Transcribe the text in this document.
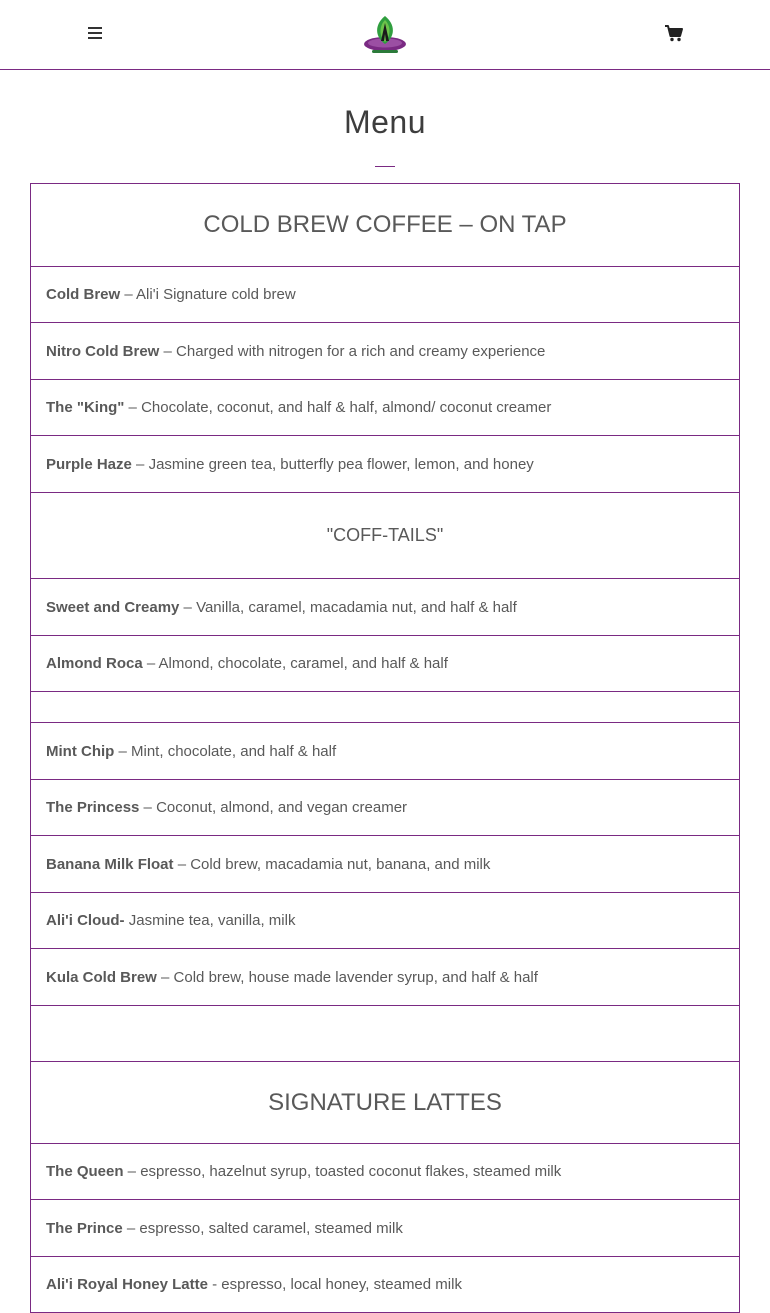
Menu
COLD BREW COFFEE – ON TAP
Cold Brew – Ali'i Signature cold brew
Nitro Cold Brew – Charged with nitrogen for a rich and creamy experience
The "King" – Chocolate, coconut, and half & half, almond/ coconut creamer
Purple Haze – Jasmine green tea, butterfly pea flower, lemon, and honey
"COFF-TAILS"
Sweet and Creamy – Vanilla, caramel, macadamia nut, and half & half
Almond Roca – Almond, chocolate, caramel, and half & half

Mint Chip – Mint, chocolate, and half & half
The Princess – Coconut, almond, and vegan creamer
Banana Milk Float – Cold brew, macadamia nut, banana, and milk
Ali'i Cloud- Jasmine tea, vanilla, milk
Kula Cold Brew – Cold brew, house made lavender syrup, and half & half

SIGNATURE LATTES
The Queen – espresso, hazelnut syrup, toasted coconut flakes, steamed milk
The Prince – espresso, salted caramel, steamed milk
Ali'i Royal Honey Latte - espresso, local honey, steamed milk
